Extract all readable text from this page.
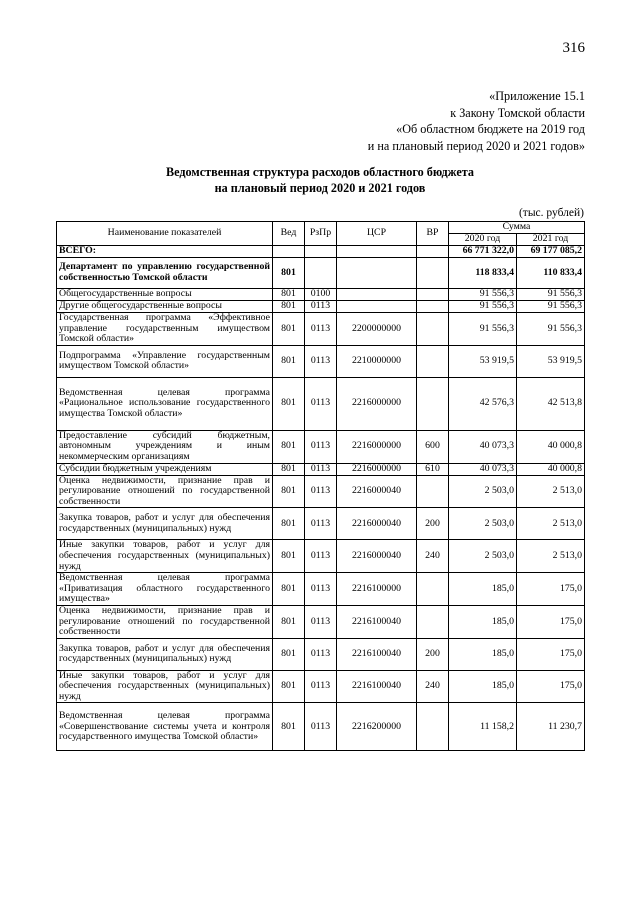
316
«Приложение 15.1
к Закону Томской области
«Об областном бюджете на 2019 год
и на плановый период 2020 и 2021 годов»
Ведомственная структура расходов областного бюджета
на плановый период 2020 и 2021 годов
(тыс. рублей)
Наименование показателей	Вед	РзПр	ЦСР	ВР	Сумма	
					2020 год	2021 год
ВСЕГО:					66 771 322,0	69 177 085,2
Департамент по управлению государственной собственностью Томской области	801				118 833,4	110 833,4
Общегосударственные вопросы	801	0100			91 556,3	91 556,3
Другие общегосударственные вопросы	801	0113			91 556,3	91 556,3
Государственная программа «Эффективное управление государственным имуществом Томской области»	801	0113	2200000000		91 556,3	91 556,3
Подпрограмма «Управление государственным имуществом Томской области»	801	0113	2210000000		53 919,5	53 919,5
Ведомственная целевая программа «Рациональное использование государственного имущества Томской области»	801	0113	2216000000		42 576,3	42 513,8
Предоставление субсидий бюджетным, автономным учреждениям и иным некоммерческим организациям	801	0113	2216000000	600	40 073,3	40 000,8
Субсидии бюджетным учреждениям	801	0113	2216000000	610	40 073,3	40 000,8
Оценка недвижимости, признание прав и регулирование отношений по государственной собственности	801	0113	2216000040		2 503,0	2 513,0
Закупка товаров, работ и услуг для обеспечения государственных (муниципальных) нужд	801	0113	2216000040	200	2 503,0	2 513,0
Иные закупки товаров, работ и услуг для обеспечения государственных (муниципальных) нужд	801	0113	2216000040	240	2 503,0	2 513,0
Ведомственная целевая программа «Приватизация областного государственного имущества»	801	0113	2216100000		185,0	175,0
Оценка недвижимости, признание прав и регулирование отношений по государственной собственности	801	0113	2216100040		185,0	175,0
Закупка товаров, работ и услуг для обеспечения государственных (муниципальных) нужд	801	0113	2216100040	200	185,0	175,0
Иные закупки товаров, работ и услуг для обеспечения государственных (муниципальных) нужд	801	0113	2216100040	240	185,0	175,0
Ведомственная целевая программа «Совершенствование системы учета и контроля государственного имущества Томской области»	801	0113	2216200000		11 158,2	11 230,7
